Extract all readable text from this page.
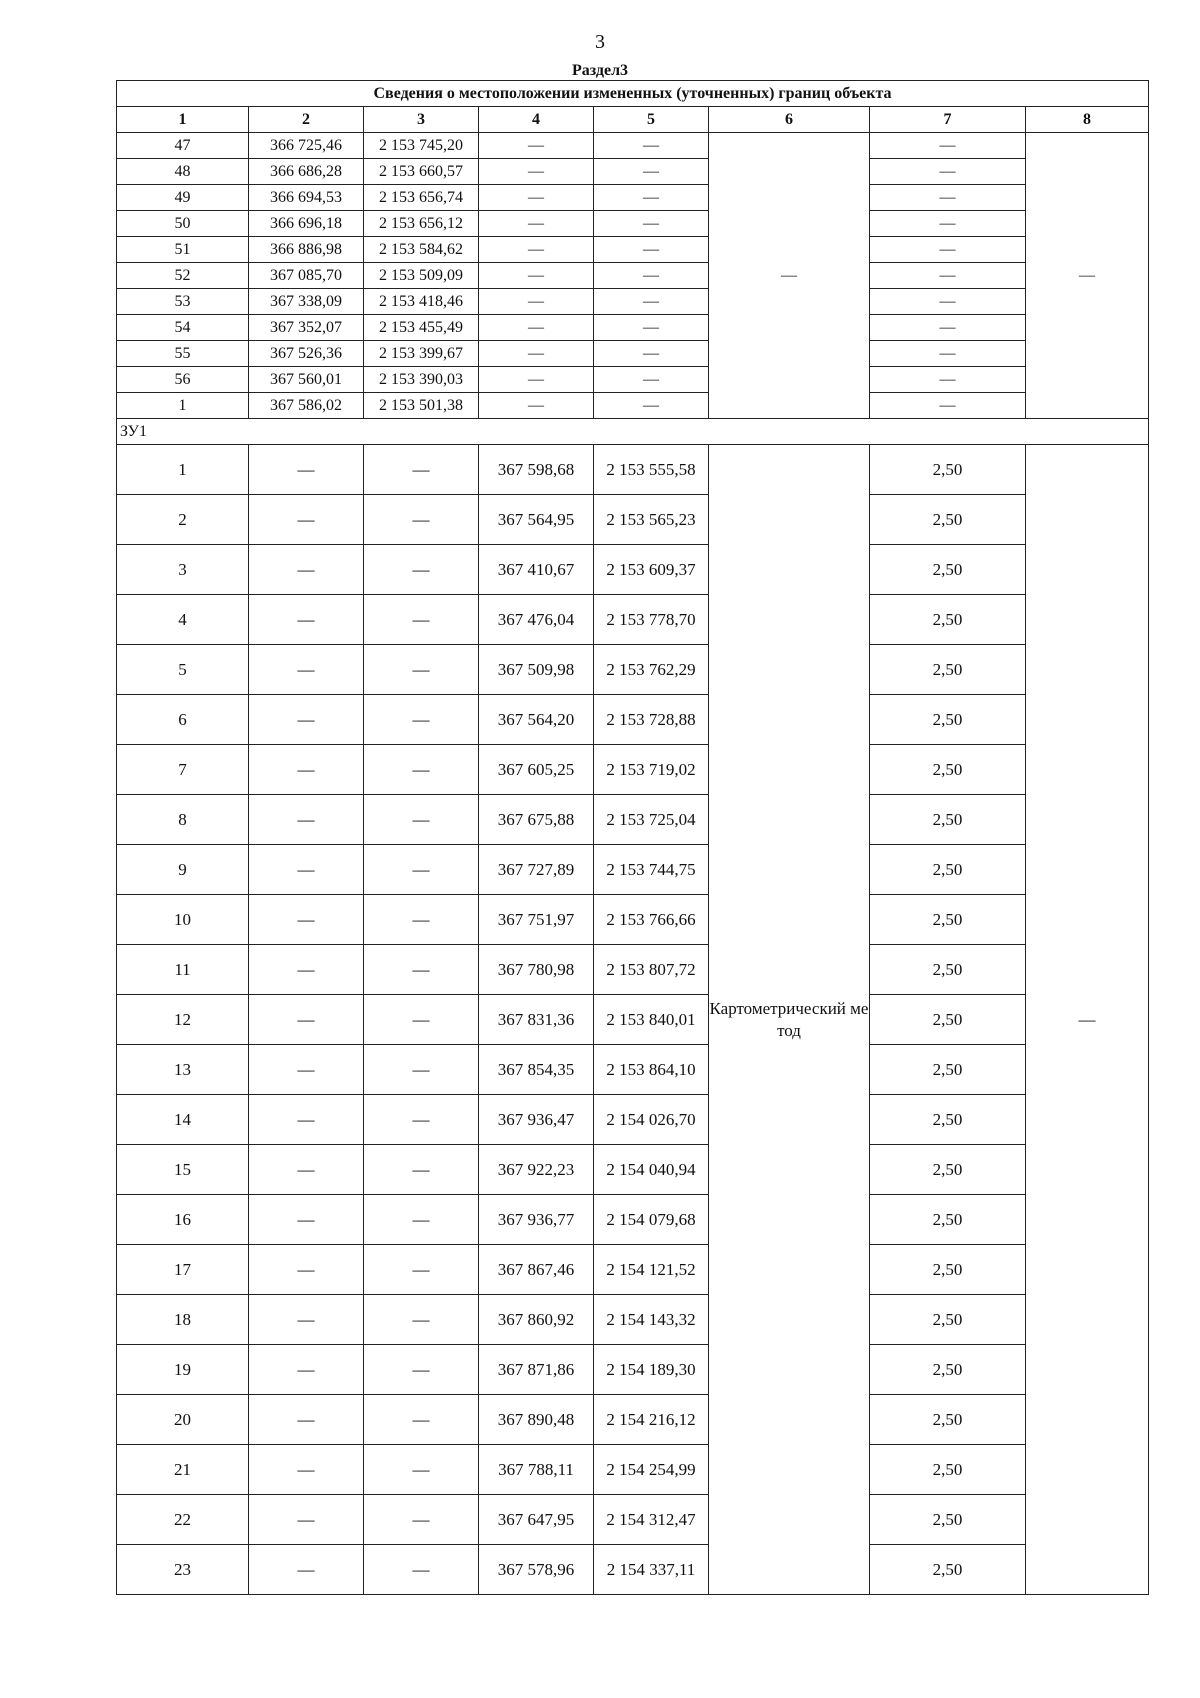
3
Раздел3
Сведения о местоположении измененных (уточненных) границ объекта							
1	2	3	4	5	6	7	8
47	366 725,46	2 153 745,20	—	—	—	—	—
48	366 686,28	2 153 660,57	—	—		—	
49	366 694,53	2 153 656,74	—	—		—	
50	366 696,18	2 153 656,12	—	—		—	
51	366 886,98	2 153 584,62	—	—		—	
52	367 085,70	2 153 509,09	—	—		—	
53	367 338,09	2 153 418,46	—	—		—	
54	367 352,07	2 153 455,49	—	—		—	
55	367 526,36	2 153 399,67	—	—		—	
56	367 560,01	2 153 390,03	—	—		—	
1	367 586,02	2 153 501,38	—	—		—	
ЗУ1							
1	—	—	367 598,68	2 153 555,58	Картометрический метод	2,50	—
2	—	—	367 564,95	2 153 565,23		2,50	
3	—	—	367 410,67	2 153 609,37		2,50	
4	—	—	367 476,04	2 153 778,70		2,50	
5	—	—	367 509,98	2 153 762,29		2,50	
6	—	—	367 564,20	2 153 728,88		2,50	
7	—	—	367 605,25	2 153 719,02		2,50	
8	—	—	367 675,88	2 153 725,04		2,50	
9	—	—	367 727,89	2 153 744,75		2,50	
10	—	—	367 751,97	2 153 766,66		2,50	
11	—	—	367 780,98	2 153 807,72		2,50	
12	—	—	367 831,36	2 153 840,01		2,50	
13	—	—	367 854,35	2 153 864,10		2,50	
14	—	—	367 936,47	2 154 026,70		2,50	
15	—	—	367 922,23	2 154 040,94		2,50	
16	—	—	367 936,77	2 154 079,68		2,50	
17	—	—	367 867,46	2 154 121,52		2,50	
18	—	—	367 860,92	2 154 143,32		2,50	
19	—	—	367 871,86	2 154 189,30		2,50	
20	—	—	367 890,48	2 154 216,12		2,50	
21	—	—	367 788,11	2 154 254,99		2,50	
22	—	—	367 647,95	2 154 312,47		2,50	
23	—	—	367 578,96	2 154 337,11		2,50	
